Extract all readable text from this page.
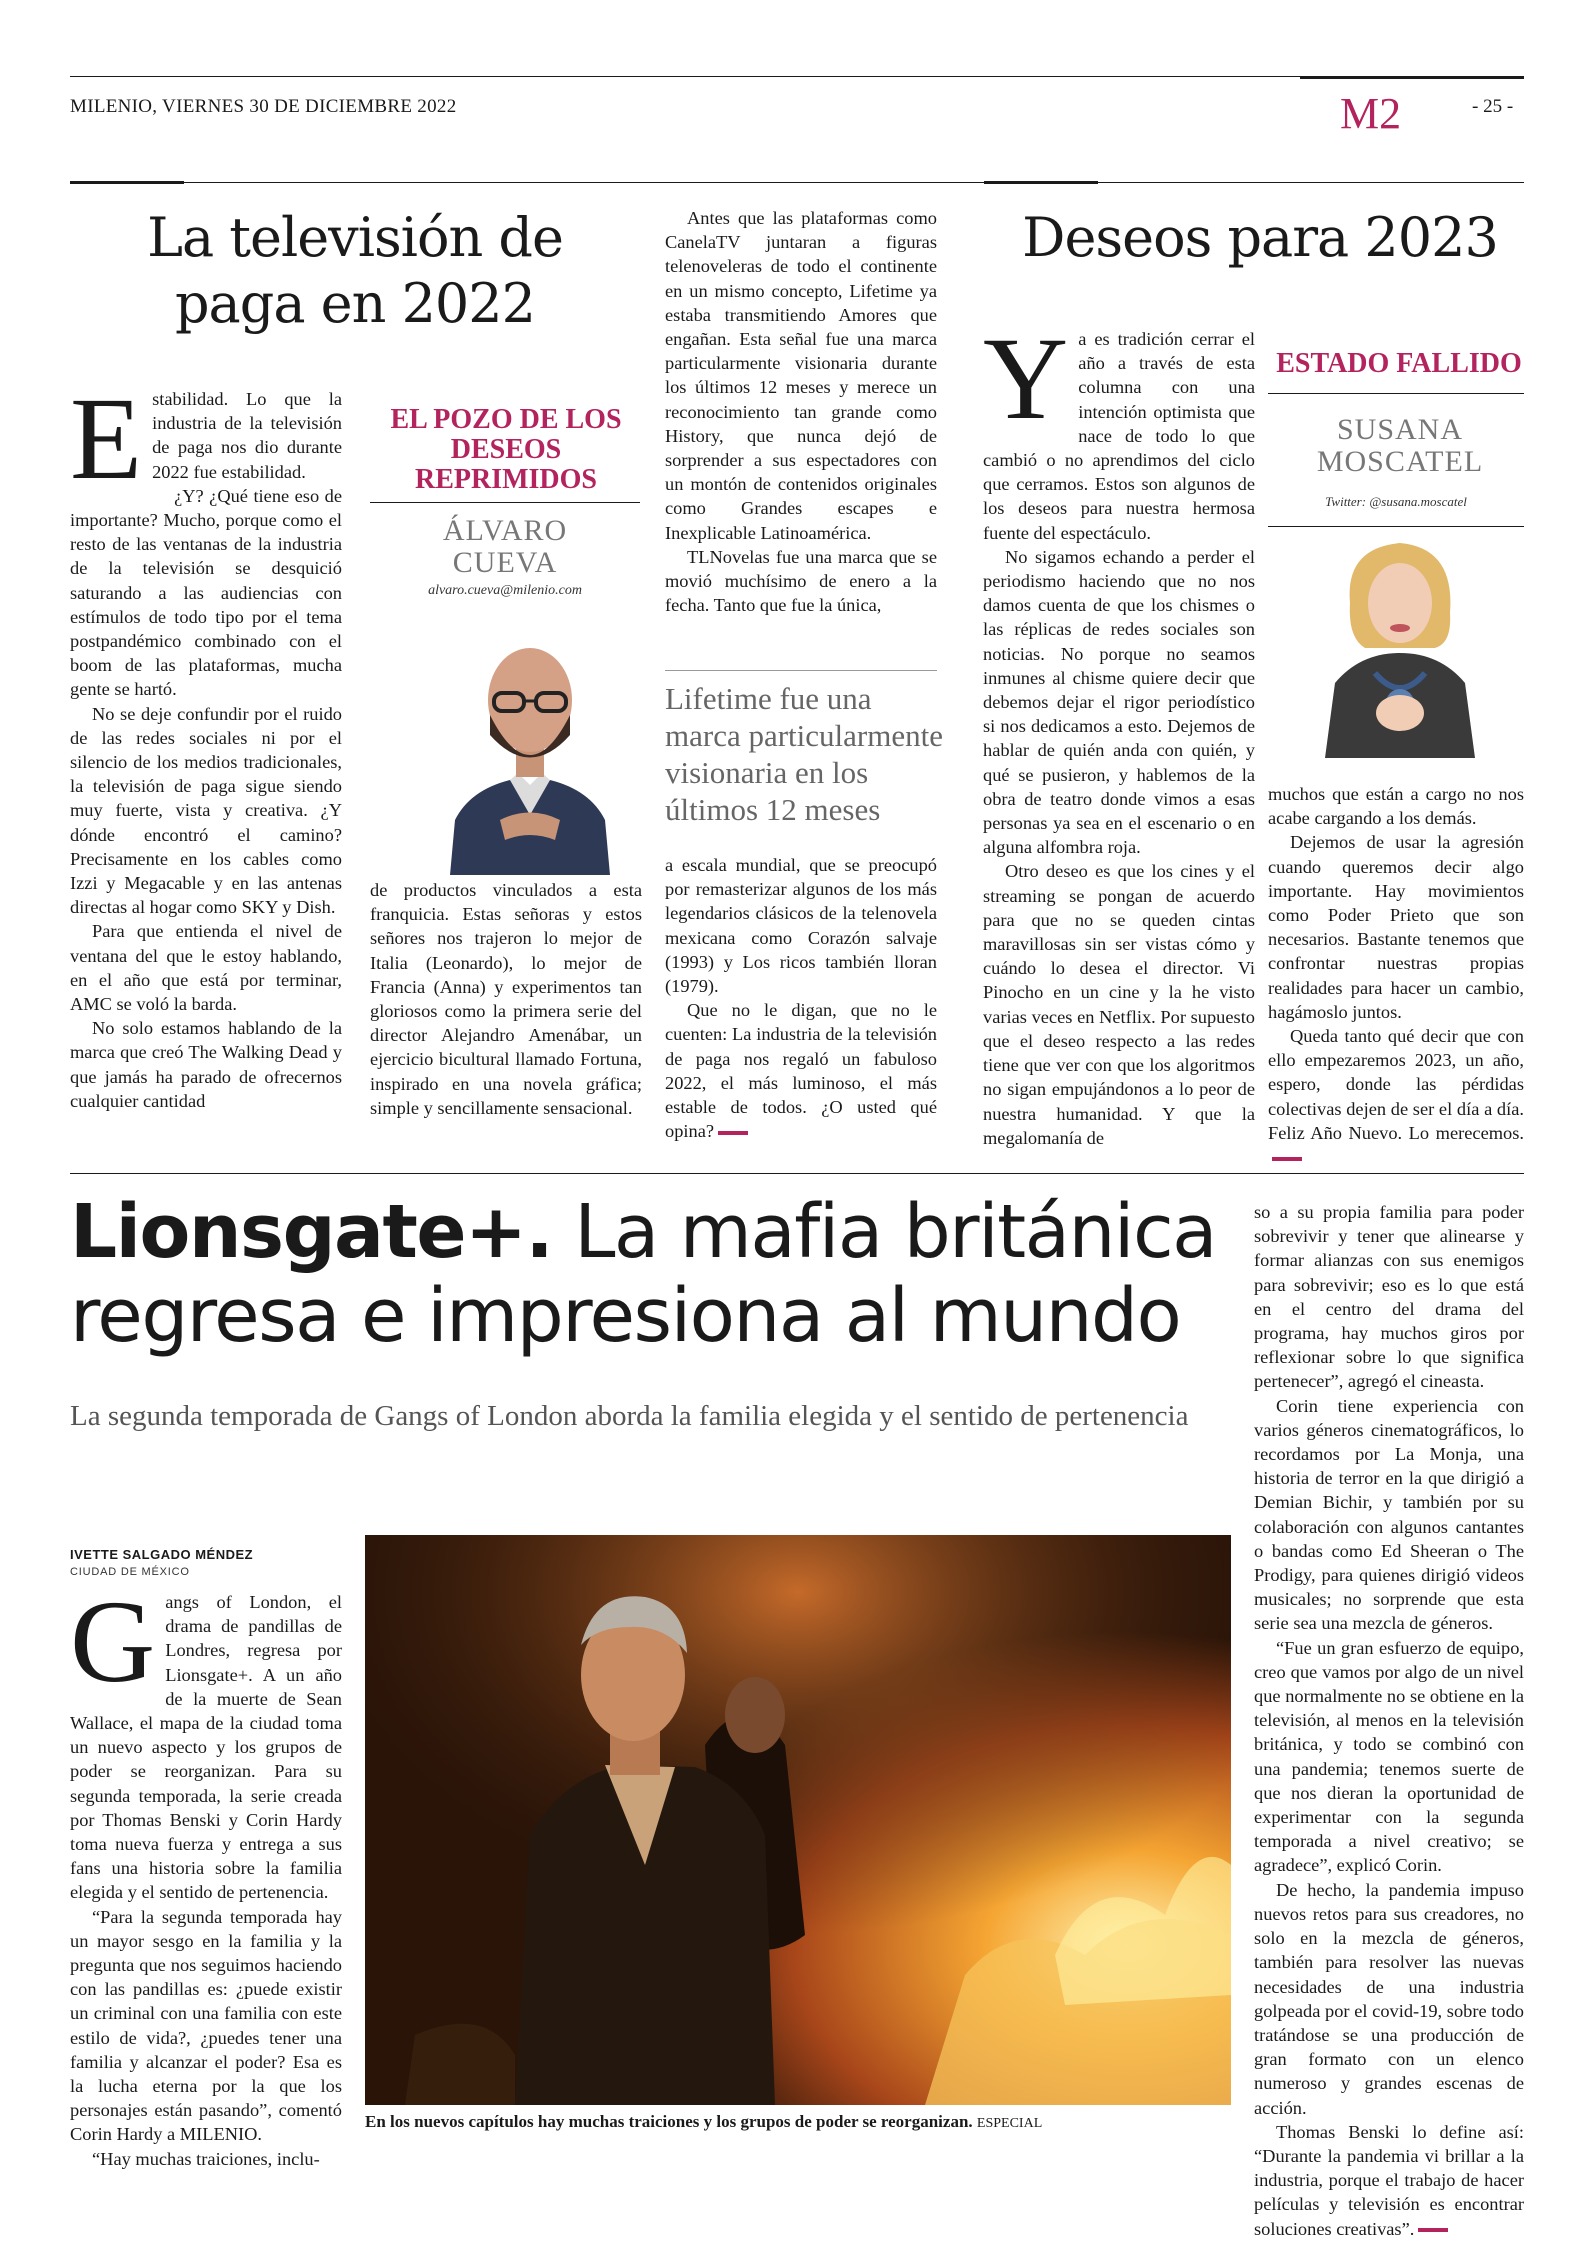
MILENIO, VIERNES 30 DE DICIEMBRE 2022	M2	- 25 -
La televisión de paga en 2022
E stabilidad. Lo que la industria de la televisión de paga nos dio durante 2022 fue estabilidad.

¿Y? ¿Qué tiene eso de importante? Mucho, porque como el resto de las ventanas de la industria de la televisión se desquició saturando a las audiencias con estímulos de todo tipo por el tema postpandémico combinado con el boom de las plataformas, mucha gente se hartó.

No se deje confundir por el ruido de las redes sociales ni por el silencio de los medios tradicionales, la televisión de paga sigue siendo muy fuerte, vista y creativa. ¿Y dónde encontró el camino? Precisamente en los cables como Izzi y Megacable y en las antenas directas al hogar como SKY y Dish.

Para que entienda el nivel de ventana del que le estoy hablando, en el año que está por terminar, AMC se voló la barda.

No solo estamos hablando de la marca que creó The Walking Dead y que jamás ha parado de ofrecernos cualquier cantidad

EL POZO DE LOS DESEOS REPRIMIDOS
ÁLVARO CUEVA
alvaro.cueva@milenio.com

de productos vinculados a esta franquicia. Estas señoras y estos señores nos trajeron lo mejor de Italia (Leonardo), lo mejor de Francia (Anna) y experimentos tan gloriosos como la primera serie del director Alejandro Amenábar, un ejercicio bicultural llamado Fortuna, inspirado en una novela gráfica; simple y sencillamente sensacional.

Antes que las plataformas como CanelaTV juntaran a figuras telenoveleras de todo el continente en un mismo concepto, Lifetime ya estaba transmitiendo Amores que engañan. Esta señal fue una marca particularmente visionaria durante los últimos 12 meses y merece un reconocimiento tan grande como History, que nunca dejó de sorprender a sus espectadores con un montón de contenidos originales como Grandes escapes e Inexplicable Latinoamérica.

TLNovelas fue una marca que se movió muchísimo de enero a la fecha. Tanto que fue la única,

Lifetime fue una marca particularmente visionaria en los últimos 12 meses

a escala mundial, que se preocupó por remasterizar algunos de los más legendarios clásicos de la telenovela mexicana como Corazón salvaje (1993) y Los ricos también lloran (1979).

Que no le digan, que no le cuenten: La industria de la televisión de paga nos regaló un fabuloso 2022, el más luminoso, el más estable de todos. ¿O usted qué opina?

Deseos para 2023
Y a es tradición cerrar el año a través de esta columna con una intención optimista que nace de todo lo que cambió o no aprendimos del ciclo que cerramos. Estos son algunos de los deseos para nuestra hermosa fuente del espectáculo.

No sigamos echando a perder el periodismo haciendo que no nos damos cuenta de que los chismes o las réplicas de redes sociales son noticias. No porque no seamos inmunes al chisme quiere decir que debemos dejar el rigor periodístico si nos dedicamos a esto. Dejemos de hablar de quién anda con quién, y qué se pusieron, y hablemos de la obra de teatro donde vimos a esas personas ya sea en el escenario o en alguna alfombra roja.

Otro deseo es que los cines y el streaming se pongan de acuerdo para que no se queden cintas maravillosas sin ser vistas cómo y cuándo lo desea el director. Vi Pinocho en un cine y la he visto varias veces en Netflix. Por supuesto que el deseo respecto a las redes tiene que ver con que los algoritmos no sigan empujándonos a lo peor de nuestra humanidad. Y que la megalomanía de

ESTADO FALLIDO
SUSANA MOSCATEL
Twitter: @susana.moscatel

muchos que están a cargo no nos acabe cargando a los demás.

Dejemos de usar la agresión cuando queremos decir algo importante. Hay movimientos como Poder Prieto que son necesarios. Bastante tenemos que confrontar nuestras propias realidades para hacer un cambio, hagámoslo juntos.

Queda tanto qué decir que con ello empezaremos 2023, un año, espero, donde las pérdidas colectivas dejen de ser el día a día. Feliz Año Nuevo. Lo merecemos.

Lionsgate+. La mafia británica
regresa e impresiona al mundo
La segunda temporada de Gangs of London aborda la familia elegida y el sentido de pertenencia
IVETTE SALGADO MÉNDEZ
CIUDAD DE MÉXICO
G angs of London, el drama de pandillas de Londres, regresa por Lionsgate+. A un año de la muerte de Sean Wallace, el mapa de la ciudad toma un nuevo aspecto y los grupos de poder se reorganizan. Para su segunda temporada, la serie creada por Thomas Benski y Corin Hardy toma nueva fuerza y entrega a sus fans una historia sobre la familia elegida y el sentido de pertenencia.

“Para la segunda temporada hay un mayor sesgo en la familia y la pregunta que nos seguimos haciendo con las pandillas es: ¿puede existir un criminal con una familia con este estilo de vida?, ¿puedes tener una familia y alcanzar el poder? Esa es la lucha eterna por la que los personajes están pasando”, comentó Corin Hardy a MILENIO.

“Hay muchas traiciones, inclu-

En los nuevos capítulos hay muchas traiciones y los grupos de poder se reorganizan. ESPECIAL

so a su propia familia para poder sobrevivir y tener que alinearse y formar alianzas con sus enemigos para sobrevivir; eso es lo que está en el centro del drama del programa, hay muchos giros por reflexionar sobre lo que significa pertenecer”, agregó el cineasta.

Corin tiene experiencia con varios géneros cinematográficos, lo recordamos por La Monja, una historia de terror en la que dirigió a Demian Bichir, y también por su colaboración con algunos cantantes o bandas como Ed Sheeran o The Prodigy, para quienes dirigió videos musicales; no sorprende que esta serie sea una mezcla de géneros.

“Fue un gran esfuerzo de equipo, creo que vamos por algo de un nivel que normalmente no se obtiene en la televisión, al menos en la televisión británica, y todo se combinó con una pandemia; tenemos suerte de que nos dieran la oportunidad de experimentar con la segunda temporada a nivel creativo; se agradece”, explicó Corin.

De hecho, la pandemia impuso nuevos retos para sus creadores, no solo en la mezcla de géneros, también para resolver las nuevas necesidades de una industria golpeada por el covid-19, sobre todo tratándose se una producción de gran formato con un elenco numeroso y grandes escenas de acción.

Thomas Benski lo define así: “Durante la pandemia vi brillar a la industria, porque el trabajo de hacer películas y televisión es encontrar soluciones creativas”.
